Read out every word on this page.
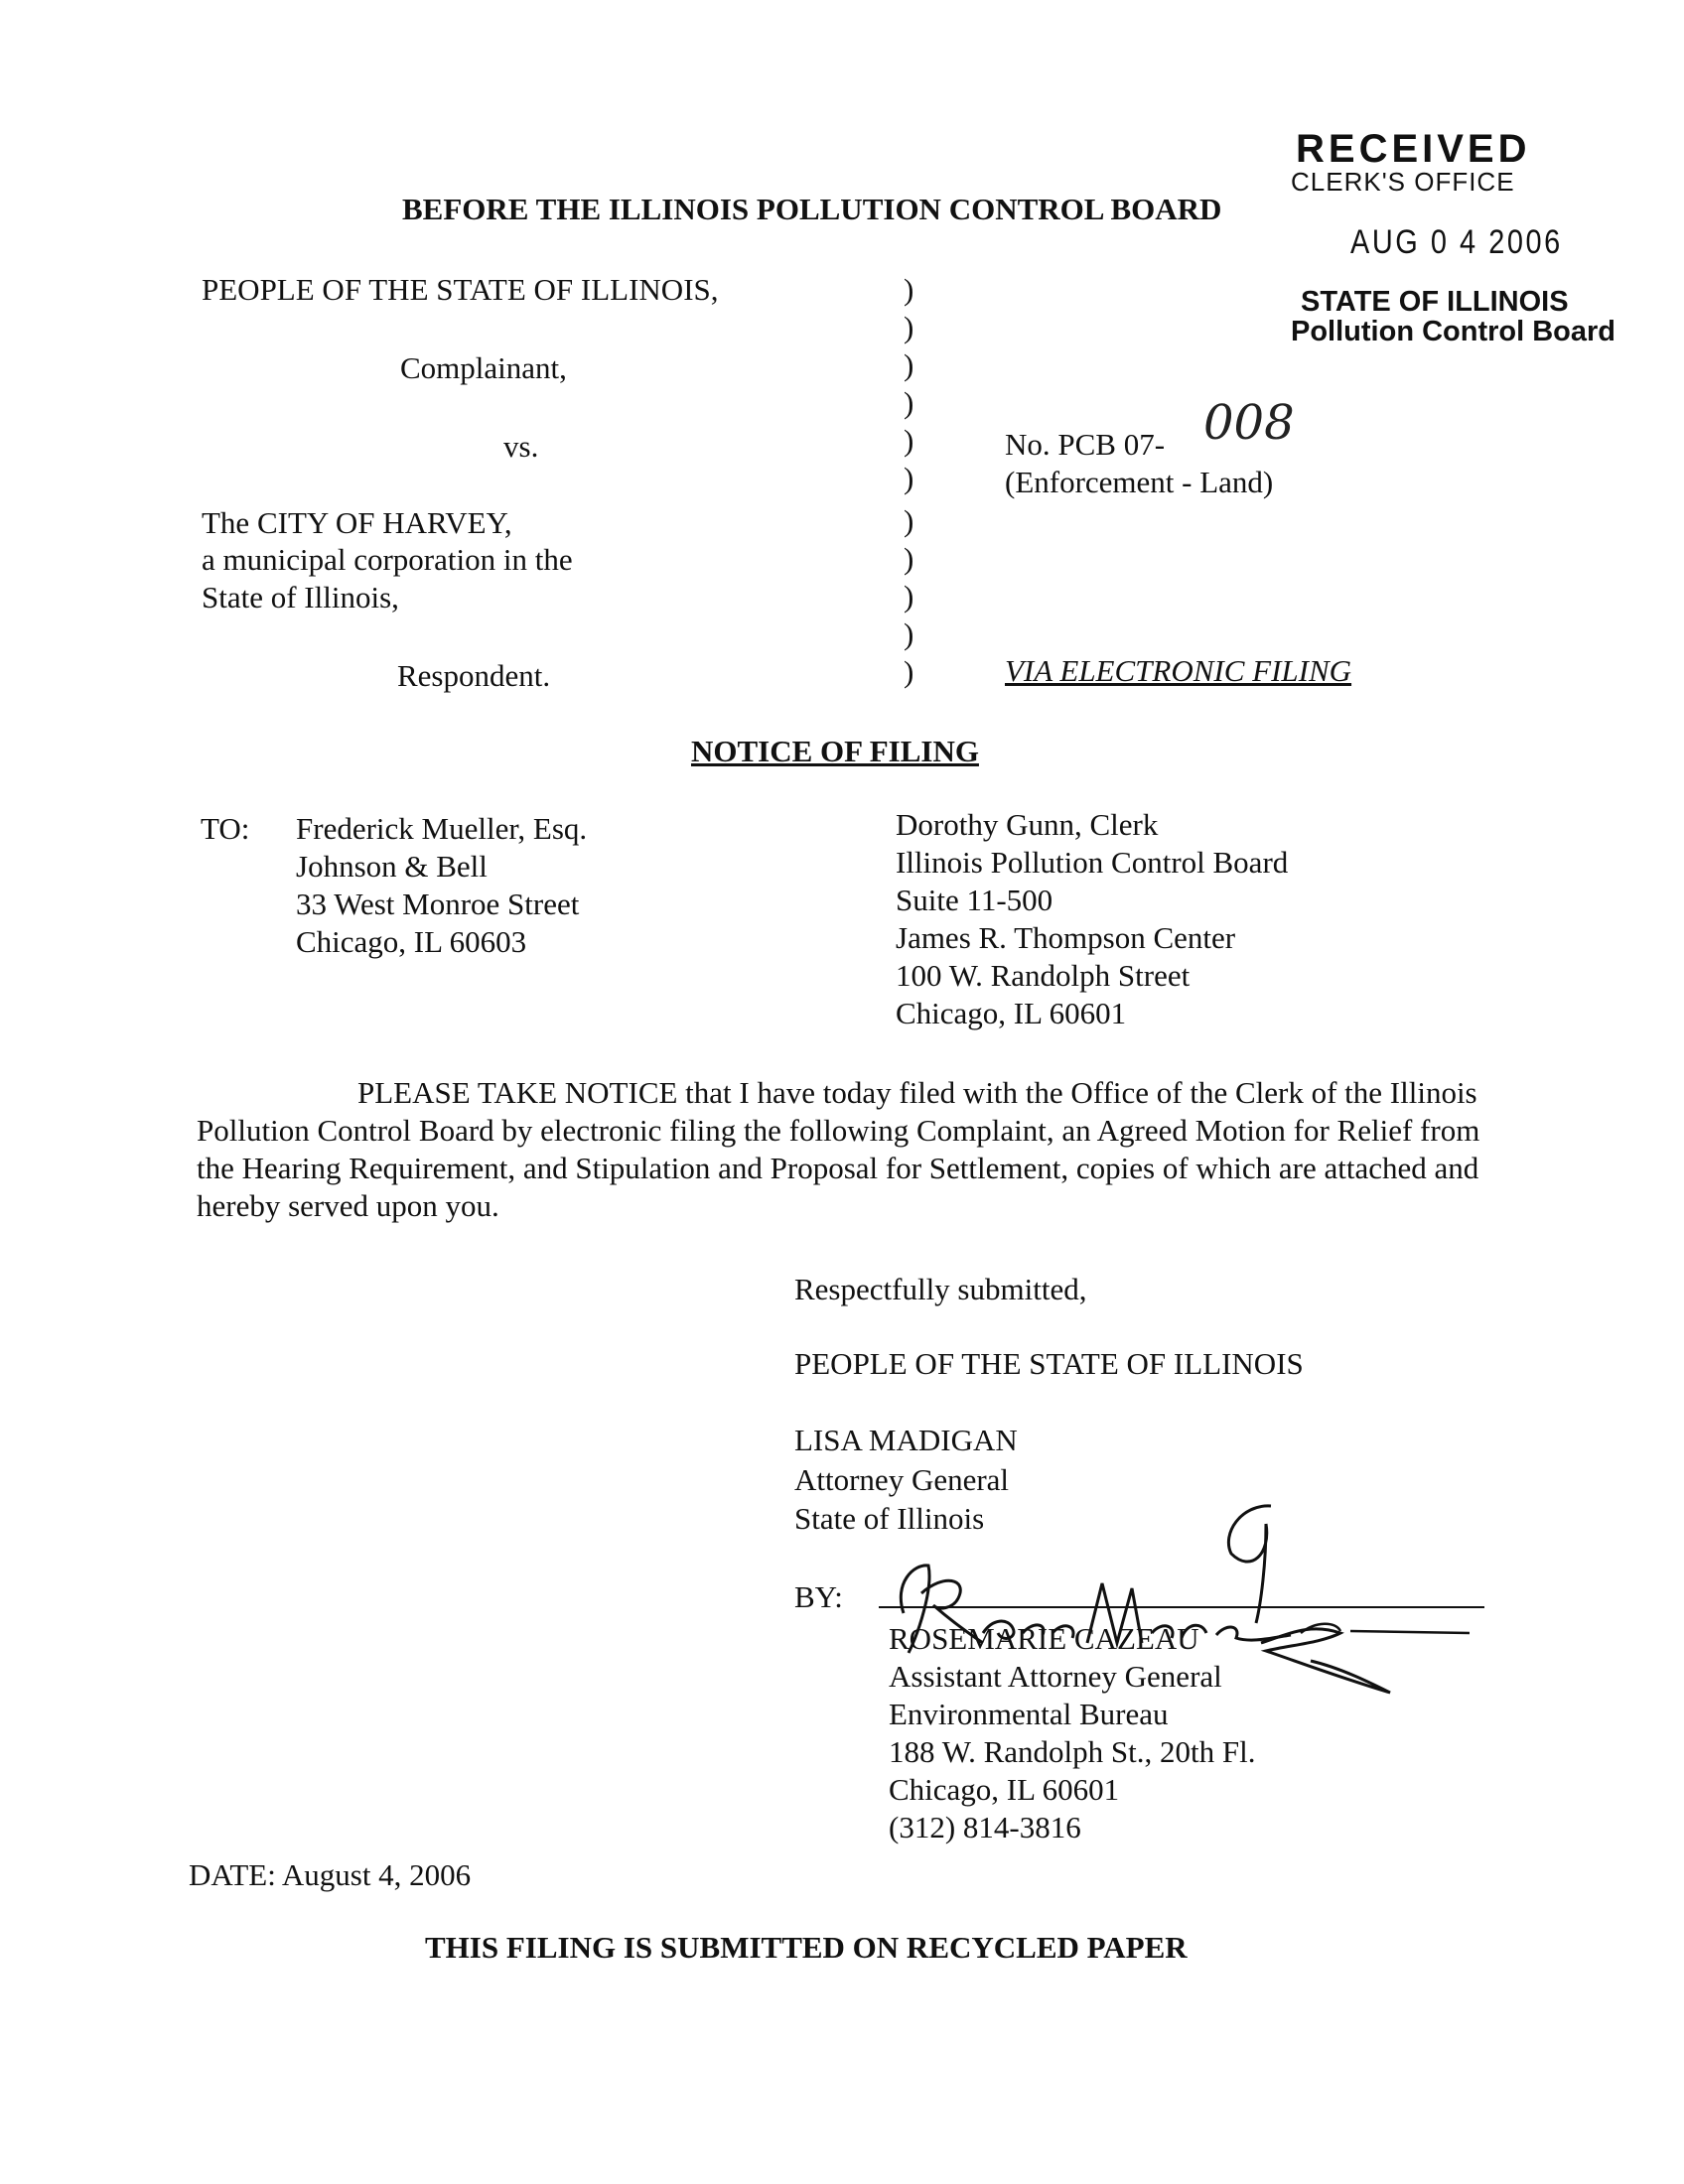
RECEIVED
CLERK'S OFFICE
AUG 0 4 2006
STATE OF ILLINOIS
Pollution Control Board
BEFORE THE ILLINOIS POLLUTION CONTROL BOARD
PEOPLE OF THE STATE OF ILLINOIS,
Complainant,
vs.
The CITY OF HARVEY,
a municipal corporation in the
State of Illinois,
Respondent.
)
)
)
)
)
)
)
)
)
)
)
No. PCB 07- 008
(Enforcement - Land)
VIA ELECTRONIC FILING
NOTICE OF FILING
TO: Frederick Mueller, Esq.

Johnson & Bell

33 West Monroe Street

Chicago, IL 60603

Dorothy Gunn, Clerk

Illinois Pollution Control Board

Suite 11-500

James R. Thompson Center

100 W. Randolph Street

Chicago, IL 60601

PLEASE TAKE NOTICE that I have today filed with the Office of the Clerk of the Illinois Pollution Control Board by electronic filing the following Complaint, an Agreed Motion for Relief from the Hearing Requirement, and Stipulation and Proposal for Settlement, copies of which are attached and hereby served upon you.
Respectfully submitted,
PEOPLE OF THE STATE OF ILLINOIS
LISA MADIGAN
Attorney General
State of Illinois
BY:

ROSEMARIE CAZEAU

Assistant Attorney General

Environmental Bureau

188 W. Randolph St., 20th Fl.

Chicago, IL 60601

(312) 814-3816

DATE: August 4, 2006
THIS FILING IS SUBMITTED ON RECYCLED PAPER
